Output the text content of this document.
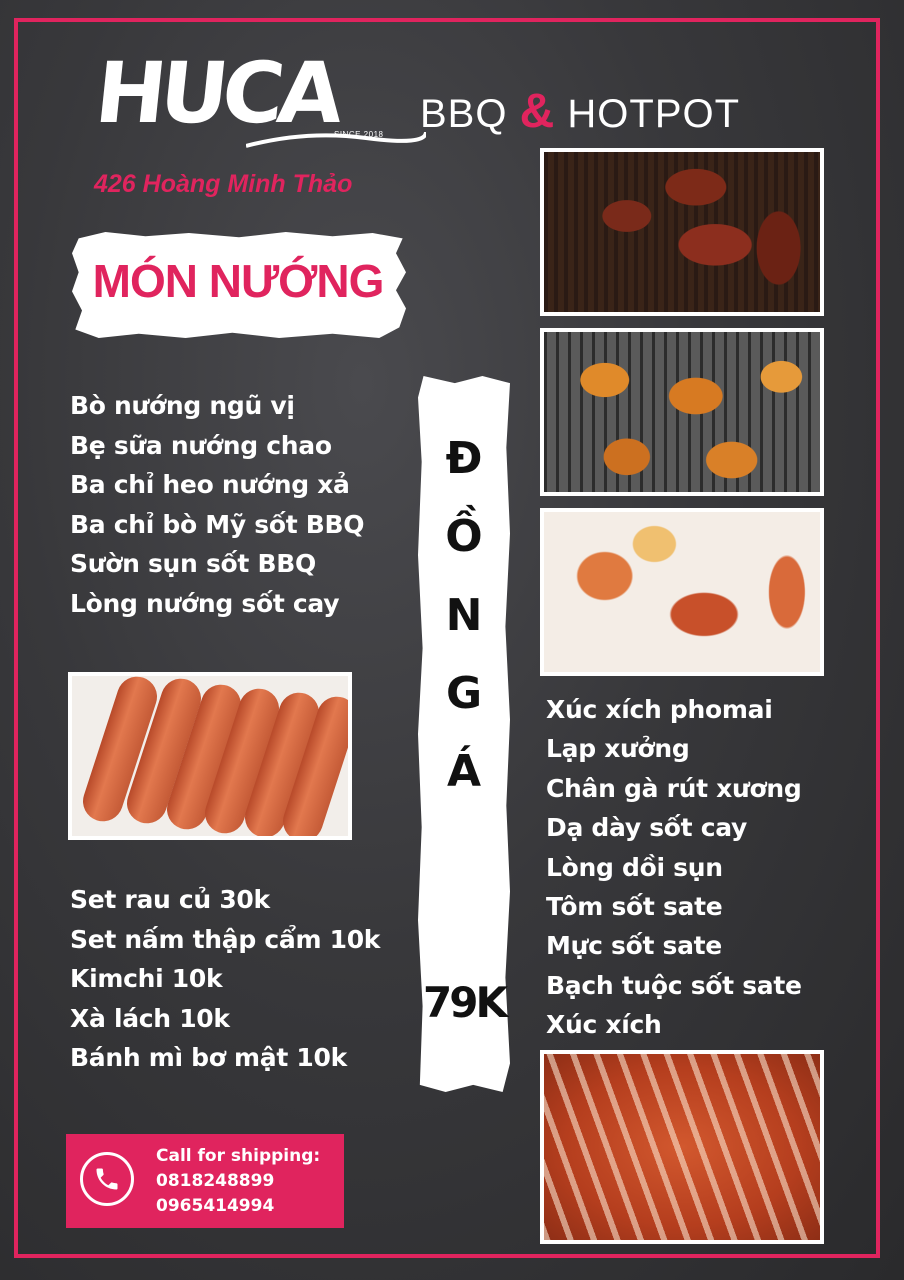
HUCA
SINCE 2018 BBQ & HOTPOT
426 Hoàng Minh Thảo
MÓN NƯỚNG
Bò nướng ngũ vị
Bẹ sữa nướng chao
Ba chỉ heo nướng xả
Ba chỉ bò Mỹ sốt BBQ
Sườn sụn sốt BBQ
Lòng nướng sốt cay
Set rau củ 30k
Set nấm thập cẩm 10k
Kimchi 10k
Xà lách 10k
Bánh mì bơ mật 10k
Đ
Ồ
N
G
Á
79K
Xúc xích phomai
Lạp xưởng
Chân gà rút xương
Dạ dày sốt cay
Lòng dồi sụn
Tôm sốt sate
Mực sốt sate
Bạch tuộc sốt sate
Xúc xích
Call for shipping:
0818248899
0965414994
